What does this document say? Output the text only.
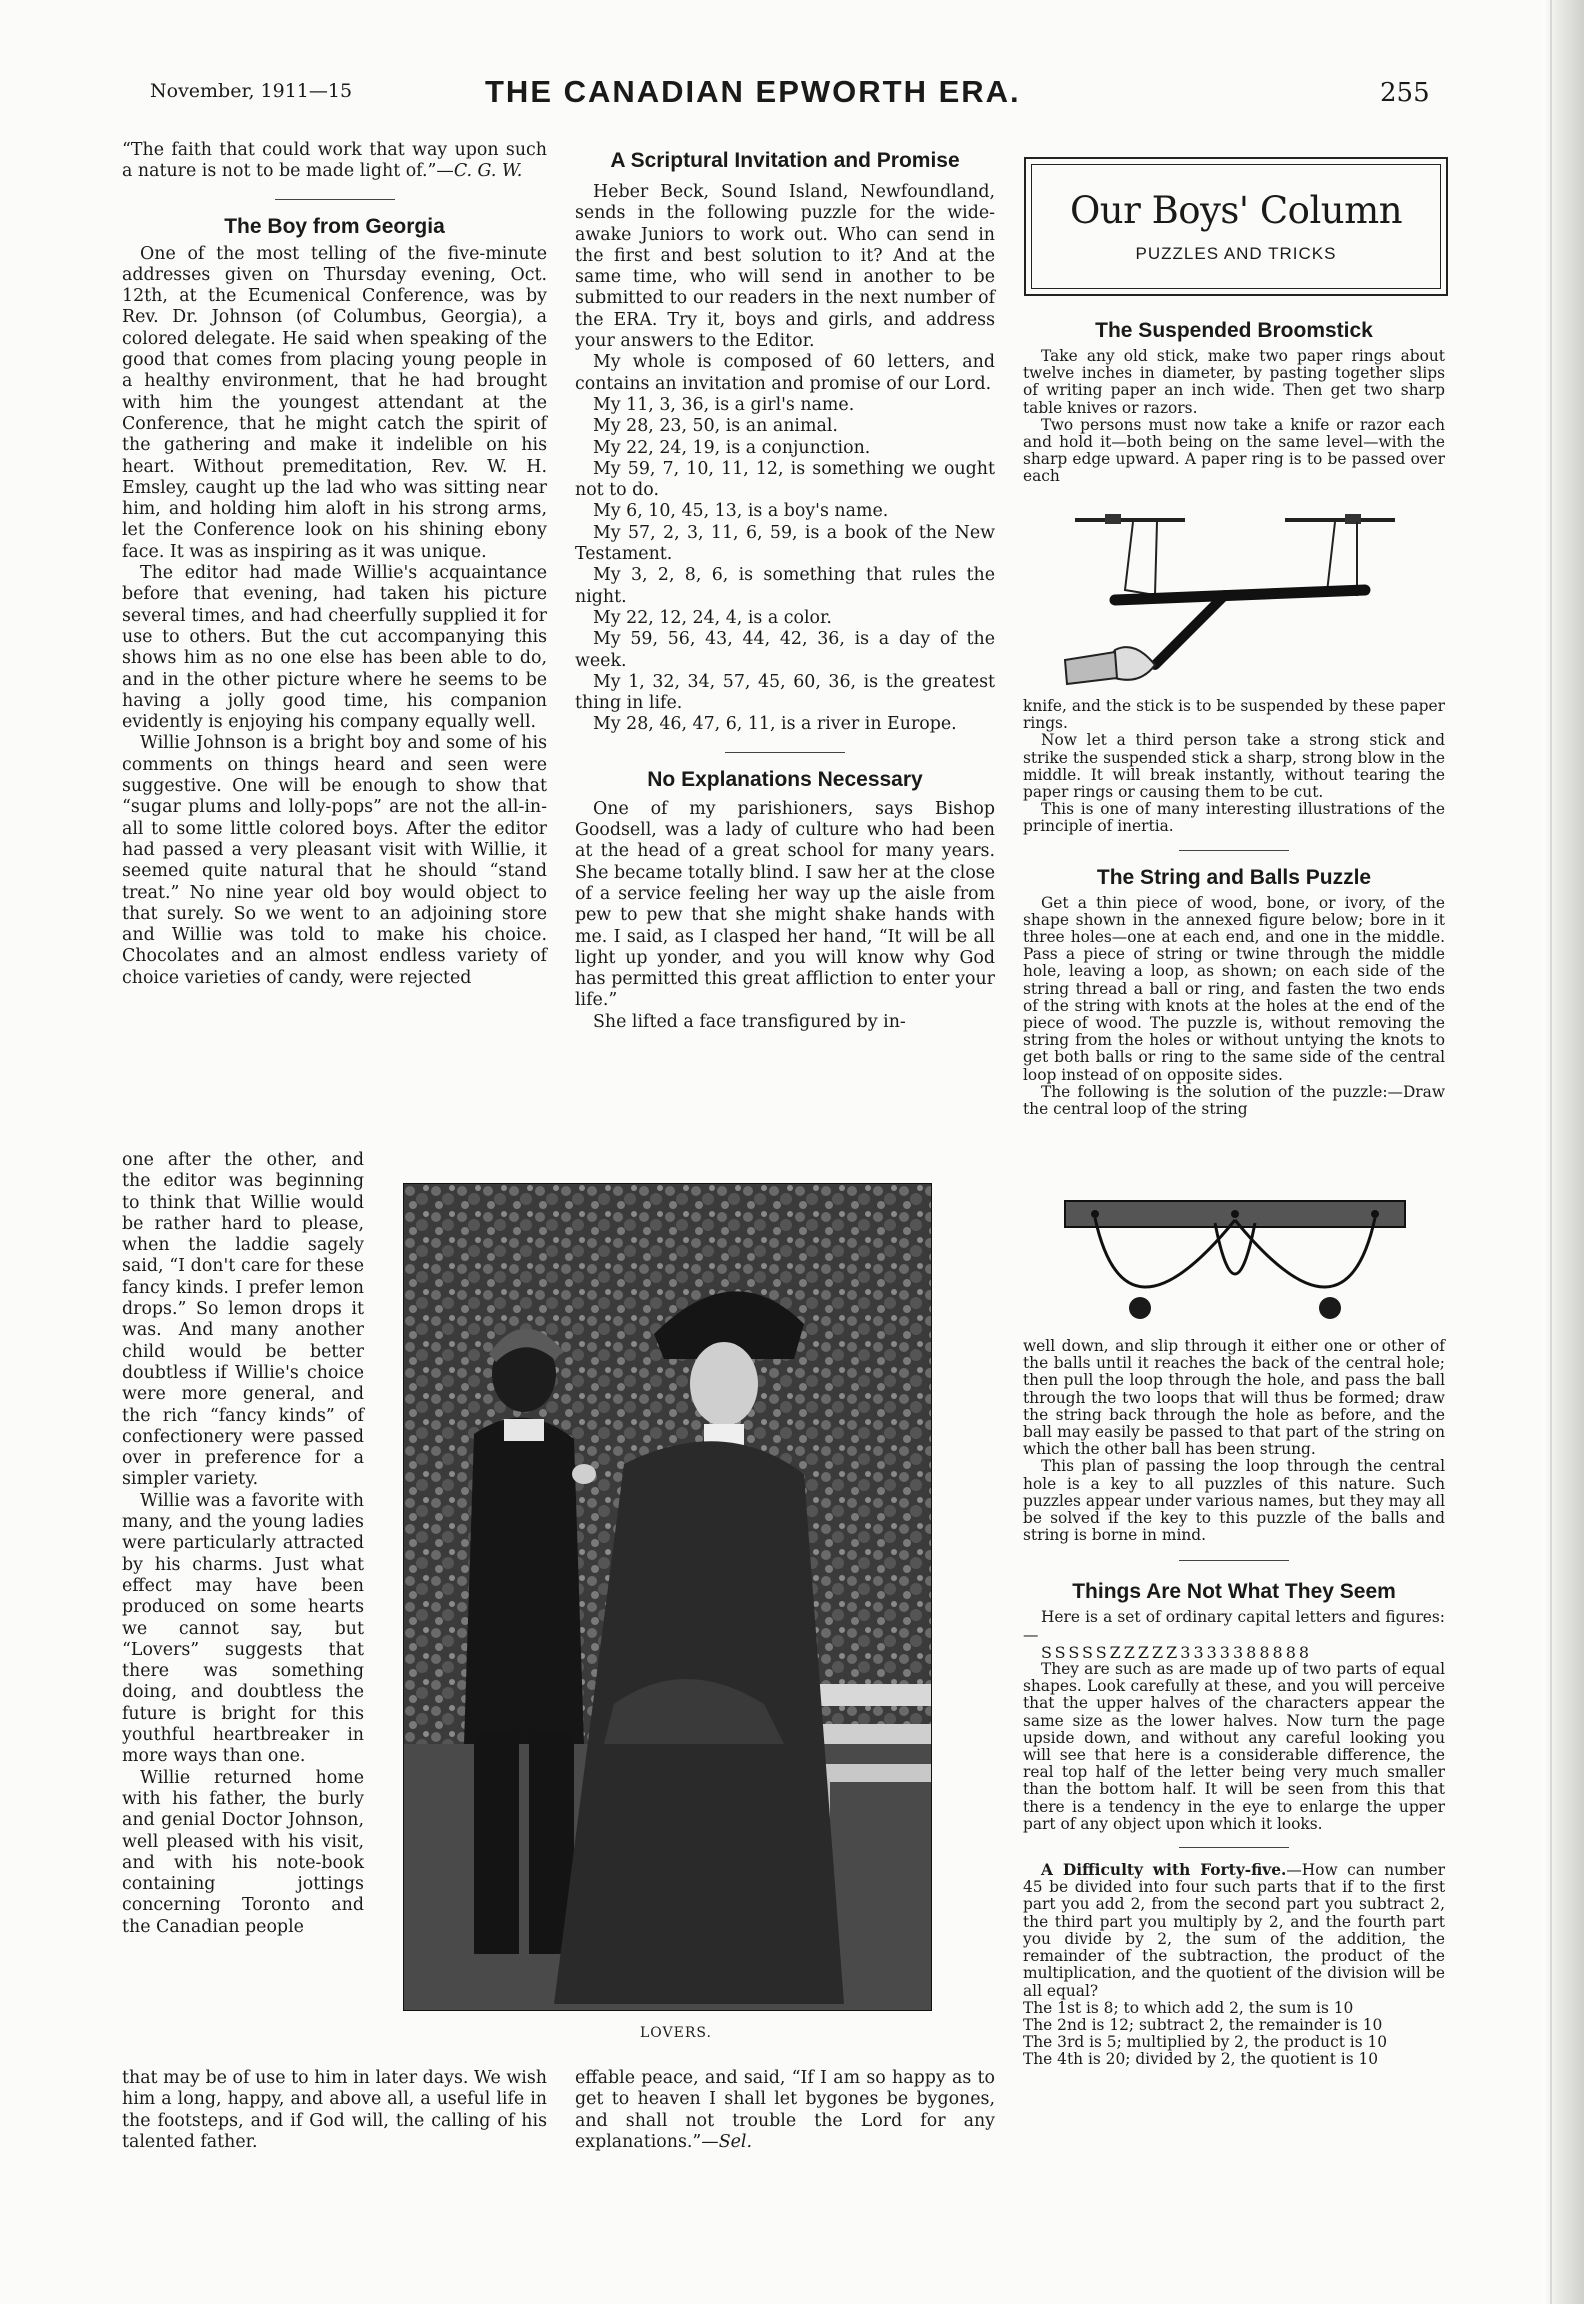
November, 1911—15	THE CANADIAN EPWORTH ERA.	255

“The faith that could work that way upon such a nature is not to be made light of.”—C. G. W.

The Boy from Georgia

One of the most telling of the five-minute addresses given on Thursday evening, Oct. 12th, at the Ecumenical Conference, was by Rev. Dr. Johnson (of Columbus, Georgia), a colored delegate. He said when speaking of the good that comes from placing young people in a healthy environment, that he had brought with him the youngest attendant at the Conference, that he might catch the spirit of the gathering and make it indelible on his heart. Without premeditation, Rev. W. H. Emsley, caught up the lad who was sitting near him, and holding him aloft in his strong arms, let the Conference look on his shining ebony face. It was as inspiring as it was unique.

The editor had made Willie's acquaintance before that evening, had taken his picture several times, and had cheerfully supplied it for use to others. But the cut accompanying this shows him as no one else has been able to do, and in the other picture where he seems to be having a jolly good time, his companion evidently is enjoying his company equally well.

Willie Johnson is a bright boy and some of his comments on things heard and seen were suggestive. One will be enough to show that “sugar plums and lolly-pops” are not the all-in-all to some little colored boys. After the editor had passed a very pleasant visit with Willie, it seemed quite natural that he should “stand treat.” No nine year old boy would object to that surely. So we went to an adjoining store and Willie was told to make his choice. Chocolates and an almost endless variety of choice varieties of candy, were rejected

one after the other, and the editor was beginning to think that Willie would be rather hard to please, when the laddie sagely said, “I don't care for these fancy kinds. I prefer lemon drops.” So lemon drops it was. And many another child would be better doubtless if Willie's choice were more general, and the rich “fancy kinds” of confectionery were passed over in preference for a simpler variety.

Willie was a favorite with many, and the young ladies were particularly attracted by his charms. Just what effect may have been produced on some hearts we cannot say, but “Lovers” suggests that there was something doing, and doubtless the future is bright for this youthful heartbreaker in more ways than one.

Willie returned home with his father, the burly and genial Doctor Johnson, well pleased with his visit, and with his note-book containing jottings concerning Toronto and the Canadian people

that may be of use to him in later days. We wish him a long, happy, and above all, a useful life in the footsteps, and if God will, the calling of his talented father.

A Scriptural Invitation and Promise

Heber Beck, Sound Island, Newfoundland, sends in the following puzzle for the wide-awake Juniors to work out. Who can send in the first and best solution to it? And at the same time, who will send in another to be submitted to our readers in the next number of the ERA. Try it, boys and girls, and address your answers to the Editor.

My whole is composed of 60 letters, and contains an invitation and promise of our Lord.

My 11, 3, 36, is a girl's name.

My 28, 23, 50, is an animal.

My 22, 24, 19, is a conjunction.

My 59, 7, 10, 11, 12, is something we ought not to do.

My 6, 10, 45, 13, is a boy's name.

My 57, 2, 3, 11, 6, 59, is a book of the New Testament.

My 3, 2, 8, 6, is something that rules the night.

My 22, 12, 24, 4, is a color.

My 59, 56, 43, 44, 42, 36, is a day of the week.

My 1, 32, 34, 57, 45, 60, 36, is the greatest thing in life.

My 28, 46, 47, 6, 11, is a river in Europe.

No Explanations Necessary

One of my parishioners, says Bishop Goodsell, was a lady of culture who had been at the head of a great school for many years. She became totally blind. I saw her at the close of a service feeling her way up the aisle from pew to pew that she might shake hands with me. I said, as I clasped her hand, “It will be all light up yonder, and you will know why God has permitted this great affliction to enter your life.”

She lifted a face transfigured by in-

effable peace, and said, “If I am so happy as to get to heaven I shall let bygones be bygones, and shall not trouble the Lord for any explanations.”—Sel.

LOVERS.
Our Boys' Column
PUZZLES AND TRICKS
The Suspended Broomstick

Take any old stick, make two paper rings about twelve inches in diameter, by pasting together slips of writing paper an inch wide. Then get two sharp table knives or razors.

Two persons must now take a knife or razor each and hold it—both being on the same level—with the sharp edge upward. A paper ring is to be passed over each

knife, and the stick is to be suspended by these paper rings.

Now let a third person take a strong stick and strike the suspended stick a sharp, strong blow in the middle. It will break instantly, without tearing the paper rings or causing them to be cut.

This is one of many interesting illustrations of the principle of inertia.

The String and Balls Puzzle

Get a thin piece of wood, bone, or ivory, of the shape shown in the annexed figure below; bore in it three holes—one at each end, and one in the middle. Pass a piece of string or twine through the middle hole, leaving a loop, as shown; on each side of the string thread a ball or ring, and fasten the two ends of the string with knots at the holes at the end of the piece of wood. The puzzle is, without removing the string from the holes or without untying the knots to get both balls or ring to the same side of the central loop instead of on opposite sides.

The following is the solution of the puzzle:—Draw the central loop of the string

well down, and slip through it either one or other of the balls until it reaches the back of the central hole; then pull the loop through the hole, and pass the ball through the two loops that will thus be formed; draw the string back through the hole as before, and the ball may easily be passed to that part of the string on which the other ball has been strung.

This plan of passing the loop through the central hole is a key to all puzzles of this nature. Such puzzles appear under various names, but they may all be solved if the key to this puzzle of the balls and string is borne in mind.

Things Are Not What They Seem

Here is a set of ordinary capital letters and figures:—

SSSSSZZZZZ3333388888

They are such as are made up of two parts of equal shapes. Look carefully at these, and you will perceive that the upper halves of the characters appear the same size as the lower halves. Now turn the page upside down, and without any careful looking you will see that here is a considerable difference, the real top half of the letter being very much smaller than the bottom half. It will be seen from this that there is a tendency in the eye to enlarge the upper part of any object upon which it looks.

A Difficulty with Forty-five.—How can number 45 be divided into four such parts that if to the first part you add 2, from the second part you subtract 2, the third part you multiply by 2, and the fourth part you divide by 2, the sum of the addition, the remainder of the subtraction, the product of the multiplication, and the quotient of the division will be all equal?

The 1st is 8; to which add 2, the sum is 10

The 2nd is 12; subtract 2, the remainder is 10

The 3rd is 5; multiplied by 2, the product is 10

The 4th is 20; divided by 2, the quotient is 10
